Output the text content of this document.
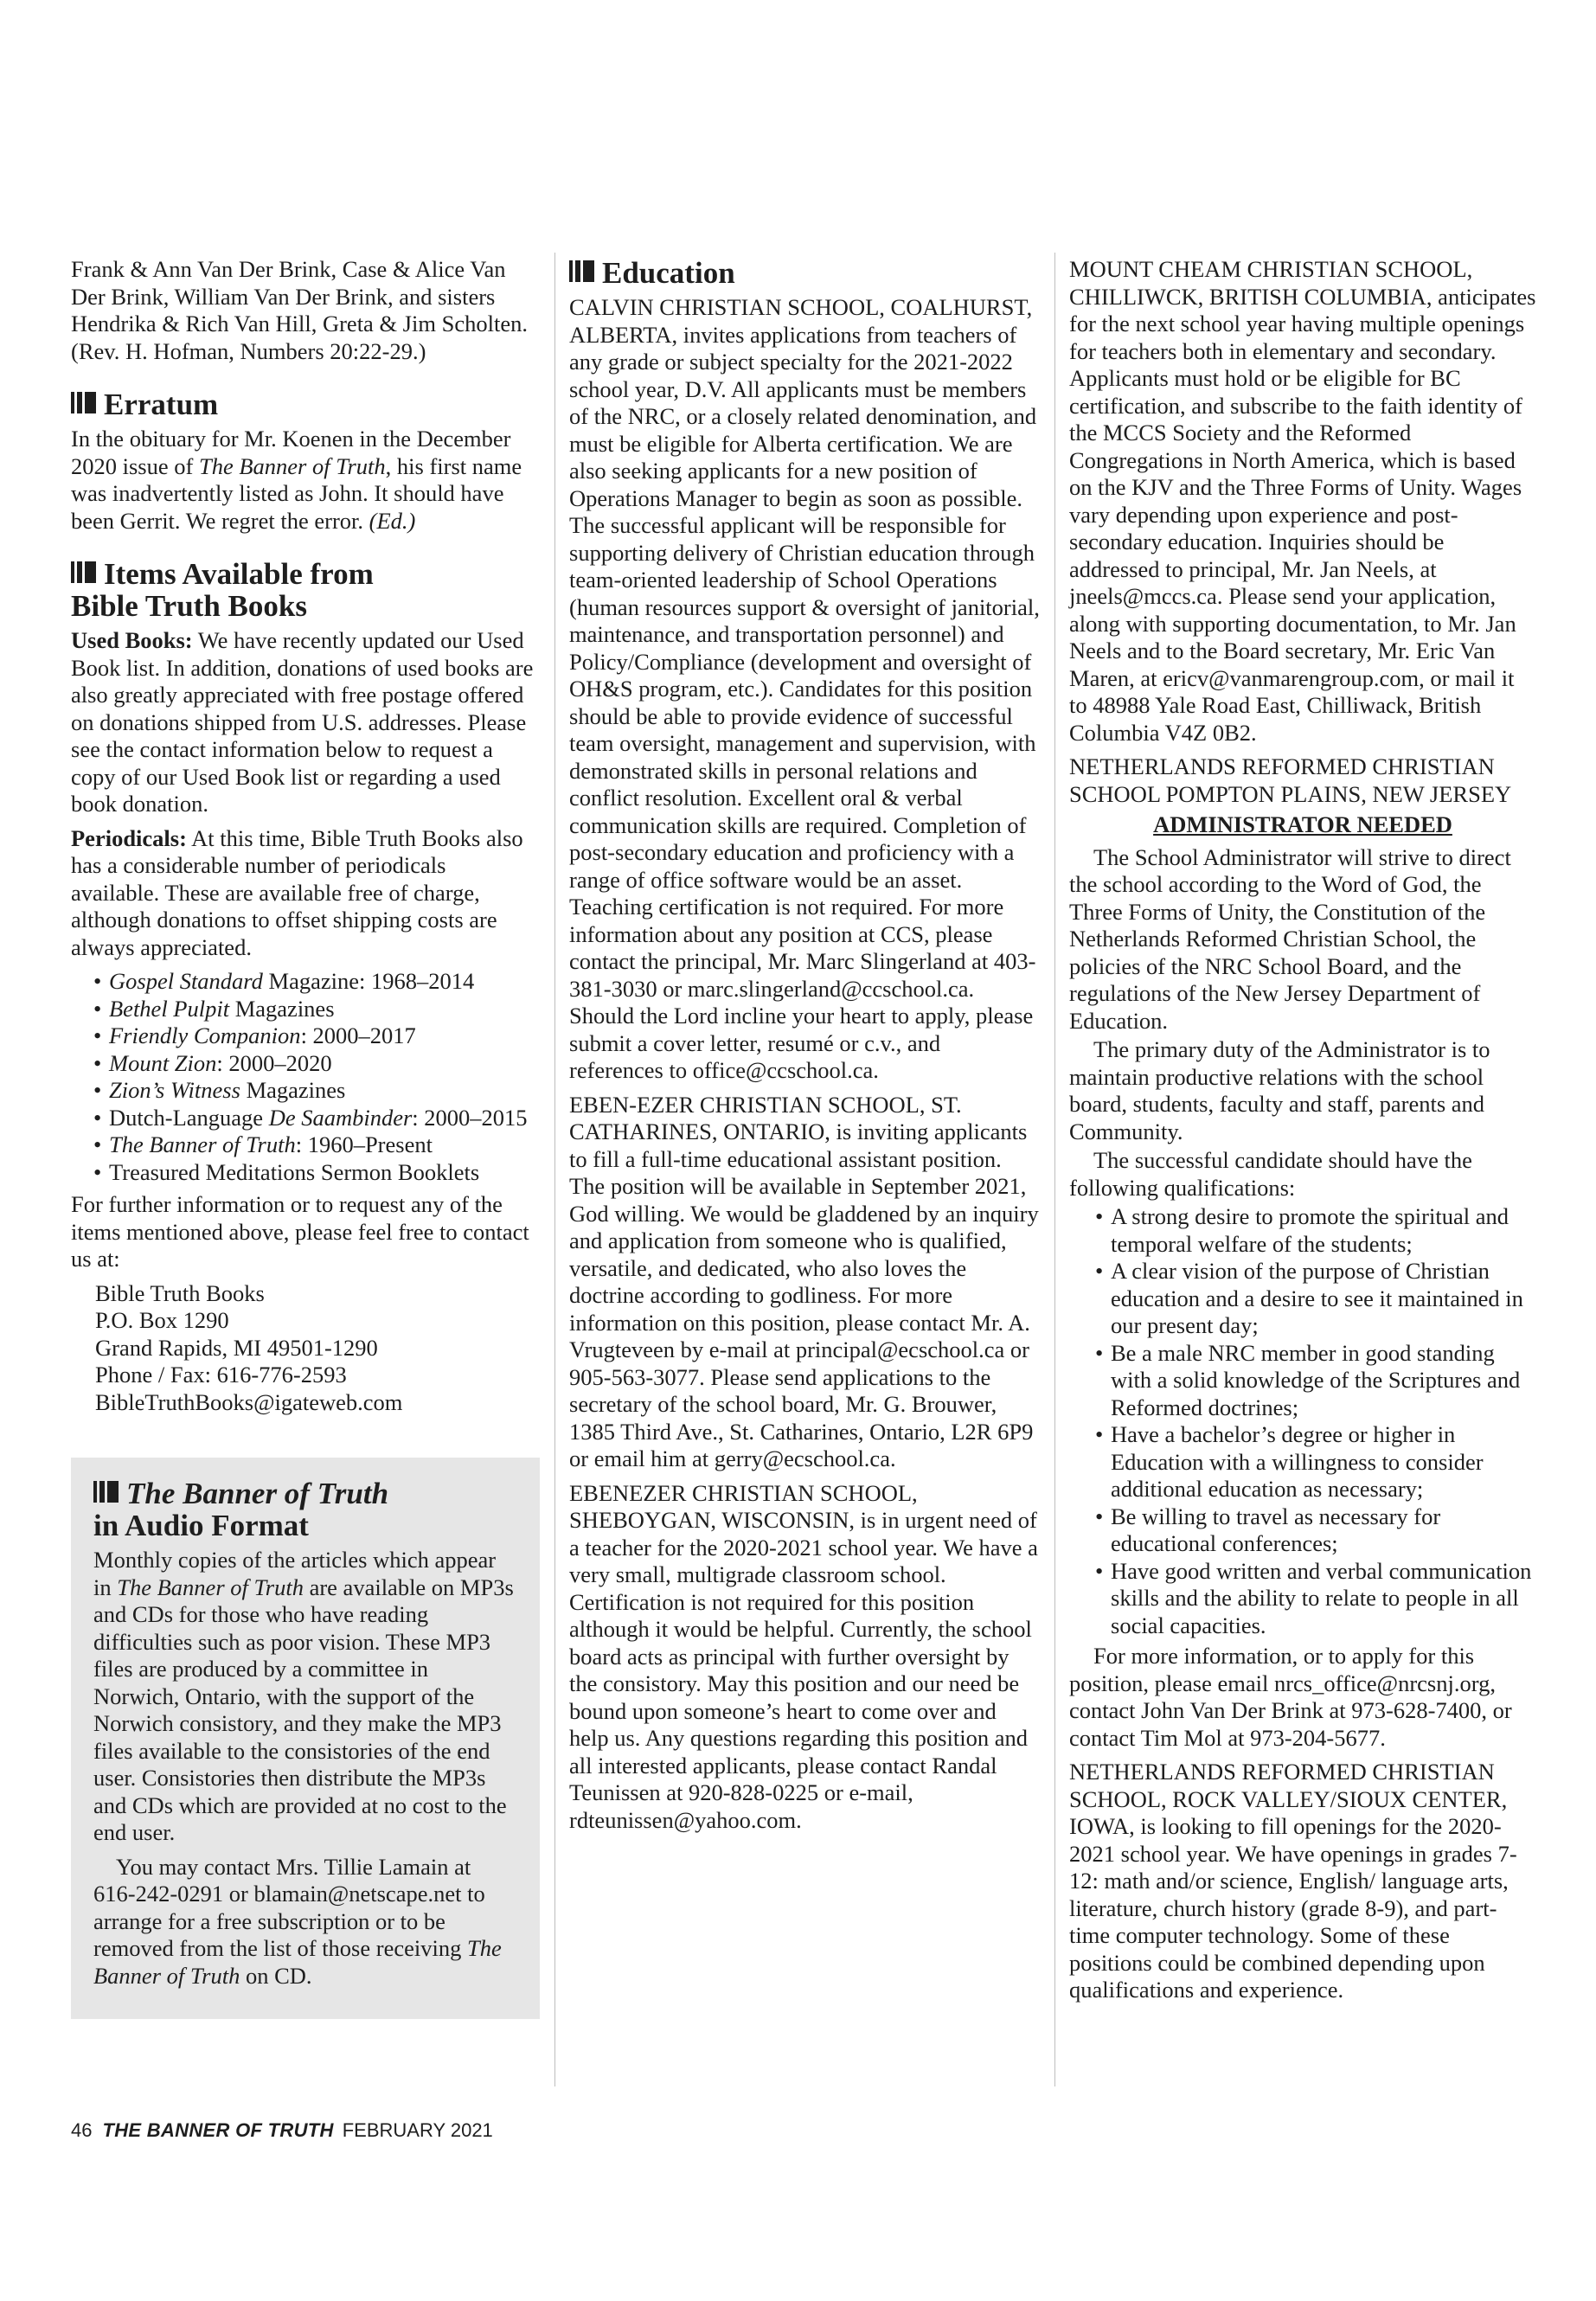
Frank & Ann Van Der Brink, Case & Alice Van Der Brink, William Van Der Brink, and sisters Hendrika & Rich Van Hill, Greta & Jim Scholten. (Rev. H. Hofman, Numbers 20:22-29.)

Erratum

In the obituary for Mr. Koenen in the December 2020 issue of The Banner of Truth, his first name was inadvertently listed as John. It should have been Gerrit. We regret the error. (Ed.)

Items Available from
Bible Truth Books

Used Books: We have recently updated our Used Book list. In addition, donations of used books are also greatly appreciated with free postage offered on donations shipped from U.S. addresses. Please see the contact information below to request a copy of our Used Book list or regarding a used book donation.

Periodicals: At this time, Bible Truth Books also has a considerable number of periodicals available. These are available free of charge, although donations to offset shipping costs are always appreciated.

• Gospel Standard Magazine: 1968–2014
• Bethel Pulpit Magazines
• Friendly Companion: 2000–2017
• Mount Zion: 2000–2020
• Zion’s Witness Magazines
• Dutch-Language De Saambinder: 2000–2015
• The Banner of Truth: 1960–Present
• Treasured Meditations Sermon Booklets

For further information or to request any of the items mentioned above, please feel free to contact us at:

Bible Truth Books
P.O. Box 1290
Grand Rapids, MI 49501-1290
Phone / Fax: 616-776-2593
BibleTruthBooks@igateweb.com
The Banner of Truth
in Audio Format

Monthly copies of the articles which appear in The Banner of Truth are available on MP3s and CDs for those who have reading difficulties such as poor vision. These MP3 files are produced by a committee in Norwich, Ontario, with the support of the Norwich consistory, and they make the MP3 files available to the consistories of the end user. Consistories then distribute the MP3s and CDs which are provided at no cost to the end user.

You may contact Mrs. Tillie Lamain at 616-242-0291 or blamain@netscape.net to arrange for a free subscription or to be removed from the list of those receiving The Banner of Truth on CD.

Education

CALVIN CHRISTIAN SCHOOL, COALHURST, ALBERTA, invites applications from teachers of any grade or subject specialty for the 2021-2022 school year, D.V. All applicants must be members of the NRC, or a closely related denomination, and must be eligible for Alberta certification. We are also seeking applicants for a new position of Operations Manager to begin as soon as possible. The successful applicant will be responsible for supporting delivery of Christian education through team-oriented leadership of School Operations (human resources support & oversight of janitorial, maintenance, and transportation personnel) and Policy/Compliance (development and oversight of OH&S program, etc.). Candidates for this position should be able to provide evidence of successful team oversight, management and supervision, with demonstrated skills in personal relations and conflict resolution. Excellent oral & verbal communication skills are required. Completion of post-secondary education and proficiency with a range of office software would be an asset. Teaching certification is not required. For more information about any position at CCS, please contact the principal, Mr. Marc Slingerland at 403-381-3030 or marc.slingerland@ccschool.ca. Should the Lord incline your heart to apply, please submit a cover letter, resumé or c.v., and references to office@ccschool.ca.

EBEN-EZER CHRISTIAN SCHOOL, ST. CATHARINES, ONTARIO, is inviting applicants to fill a full-time educational assistant position. The position will be available in September 2021, God willing. We would be gladdened by an inquiry and application from someone who is qualified, versatile, and dedicated, who also loves the doctrine according to godliness. For more information on this position, please contact Mr. A. Vrugteveen by e-mail at principal@ecschool.ca or 905-563-3077. Please send applications to the secretary of the school board, Mr. G. Brouwer, 1385 Third Ave., St. Catharines, Ontario, L2R 6P9 or email him at gerry@ecschool.ca.

EBENEZER CHRISTIAN SCHOOL, SHEBOYGAN, WISCONSIN, is in urgent need of a teacher for the 2020-2021 school year. We have a very small, multigrade classroom school. Certification is not required for this position although it would be helpful. Currently, the school board acts as principal with further oversight by the consistory. May this position and our need be bound upon someone’s heart to come over and help us. Any questions regarding this position and all interested applicants, please contact Randal Teunissen at 920-828-0225 or e-mail, rdteunissen@yahoo.com.

MOUNT CHEAM CHRISTIAN SCHOOL, CHILLIWCK, BRITISH COLUMBIA, anticipates for the next school year having multiple openings for teachers both in elementary and secondary. Applicants must hold or be eligible for BC certification, and subscribe to the faith identity of the MCCS Society and the Reformed Congregations in North America, which is based on the KJV and the Three Forms of Unity. Wages vary depending upon experience and post-secondary education. Inquiries should be addressed to principal, Mr. Jan Neels, at jneels@mccs.ca. Please send your application, along with supporting documentation, to Mr. Jan Neels and to the Board secretary, Mr. Eric Van Maren, at ericv@vanmarengroup.com, or mail it to 48988 Yale Road East, Chilliwack, British Columbia V4Z 0B2.

NETHERLANDS REFORMED CHRISTIAN SCHOOL POMPTON PLAINS, NEW JERSEY

ADMINISTRATOR NEEDED

The School Administrator will strive to direct the school according to the Word of God, the Three Forms of Unity, the Constitution of the Netherlands Reformed Christian School, the policies of the NRC School Board, and the regulations of the New Jersey Department of Education.

The primary duty of the Administrator is to maintain productive relations with the school board, students, faculty and staff, parents and Community.

The successful candidate should have the following qualifications:

• A strong desire to promote the spiritual and temporal welfare of the students;
• A clear vision of the purpose of Christian education and a desire to see it maintained in our present day;
• Be a male NRC member in good standing with a solid knowledge of the Scriptures and Reformed doctrines;
• Have a bachelor’s degree or higher in Education with a willingness to consider additional education as necessary;
• Be willing to travel as necessary for educational conferences;
• Have good written and verbal communication skills and the ability to relate to people in all social capacities.

For more information, or to apply for this position, please email nrcs_office@nrcsnj.org, contact John Van Der Brink at 973-628-7400, or contact Tim Mol at 973-204-5677.

NETHERLANDS REFORMED CHRISTIAN SCHOOL, ROCK VALLEY/SIOUX CENTER, IOWA, is looking to fill openings for the 2020-2021 school year. We have openings in grades 7-12: math and/or science, English/ language arts, literature, church history (grade 8-9), and part-time computer technology. Some of these positions could be combined depending upon qualifications and experience.

46 THE BANNER OF TRUTH FEBRUARY 2021
